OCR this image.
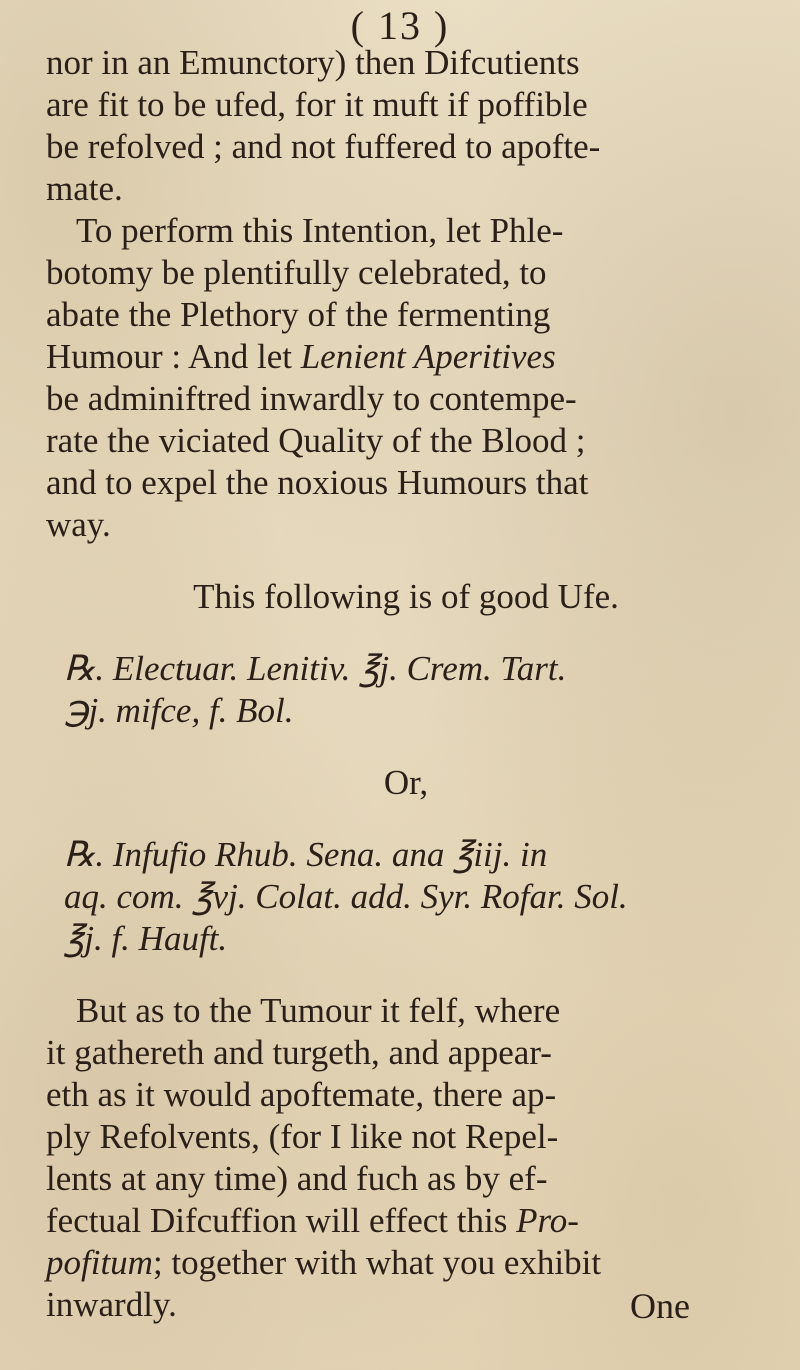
( 13 )

nor in an Emunctory) then Difcutients

are fit to be ufed, for it muft if poffible

be refolved ; and not fuffered to apofte-

mate.

To perform this Intention, let Phle-

botomy be plentifully celebrated, to

abate the Plethory of the fermenting

Humour : And let Lenient Aperitives

be adminiftred inwardly to contempe-

rate the viciated Quality of the Blood ;

and to expel the noxious Humours that

way.

This following is of good Ufe.

℞. Electuar. Lenitiv. ℥j. Crem. Tart.

℈j. mifce, f. Bol.

Or,

℞. Infufio Rhub. Sena. ana ℥iij. in

aq. com. ℥vj. Colat. add. Syr. Rofar. Sol.

℥j. f. Hauft.

But as to the Tumour it felf, where

it gathereth and turgeth, and appear-

eth as it would apoftemate, there ap-

ply Refolvents, (for I like not Repel-

lents at any time) and fuch as by ef-

fectual Difcuffion will effect this Pro-

pofitum; together with what you exhibit

inwardly.	One
